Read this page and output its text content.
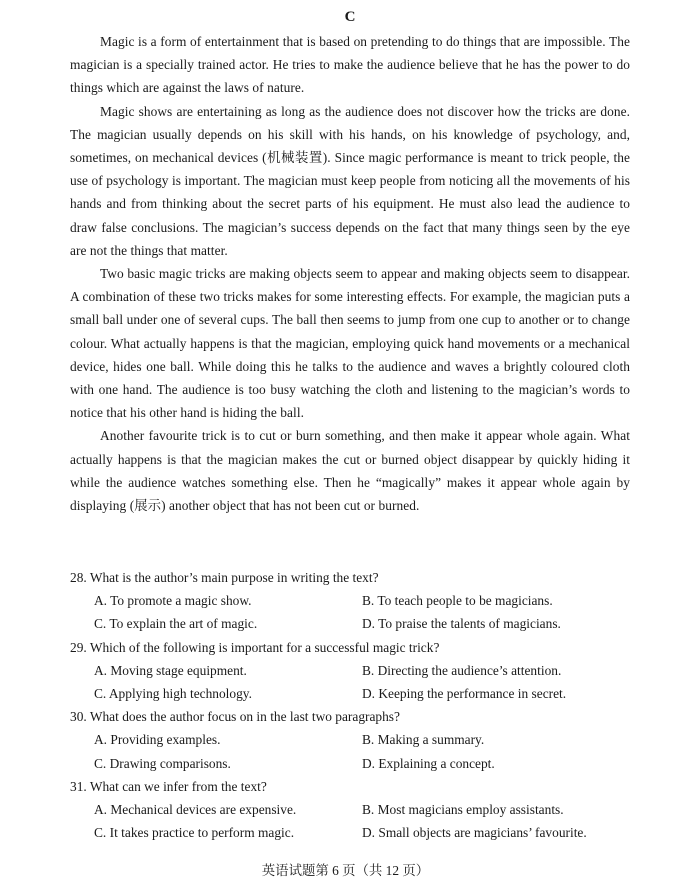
C

Magic is a form of entertainment that is based on pretending to do things that are impossible. The magician is a specially trained actor. He tries to make the audience believe that he has the power to do things which are against the laws of nature.

Magic shows are entertaining as long as the audience does not discover how the tricks are done. The magician usually depends on his skill with his hands, on his knowledge of psychology, and, sometimes, on mechanical devices (机械装置). Since magic performance is meant to trick people, the use of psychology is important. The magician must keep people from noticing all the movements of his hands and from thinking about the secret parts of his equipment. He must also lead the audience to draw false conclusions. The magician’s success depends on the fact that many things seen by the eye are not the things that matter.

Two basic magic tricks are making objects seem to appear and making objects seem to disappear. A combination of these two tricks makes for some interesting effects. For example, the magician puts a small ball under one of several cups. The ball then seems to jump from one cup to another or to change colour. What actually happens is that the magician, employing quick hand movements or a mechanical device, hides one ball. While doing this he talks to the audience and waves a brightly coloured cloth with one hand. The audience is too busy watching the cloth and listening to the magician’s words to notice that his other hand is hiding the ball.

Another favourite trick is to cut or burn something, and then make it appear whole again. What actually happens is that the magician makes the cut or burned object disappear by quickly hiding it while the audience watches something else. Then he “magically” makes it appear whole again by displaying (展示) another object that has not been cut or burned.

28. What is the author’s main purpose in writing the text?

A. To promote a magic show.	B. To teach people to be magicians.
C. To explain the art of magic.	D. To praise the talents of magicians.

29. Which of the following is important for a successful magic trick?

A. Moving stage equipment.	B. Directing the audience’s attention.
C. Applying high technology.	D. Keeping the performance in secret.

30. What does the author focus on in the last two paragraphs?

A. Providing examples.	B. Making a summary.
C. Drawing comparisons.	D. Explaining a concept.

31. What can we infer from the text?

A. Mechanical devices are expensive.	B. Most magicians employ assistants.
C. It takes practice to perform magic.	D. Small objects are magicians’ favourite.
英语试题第 6 页（共 12 页）
